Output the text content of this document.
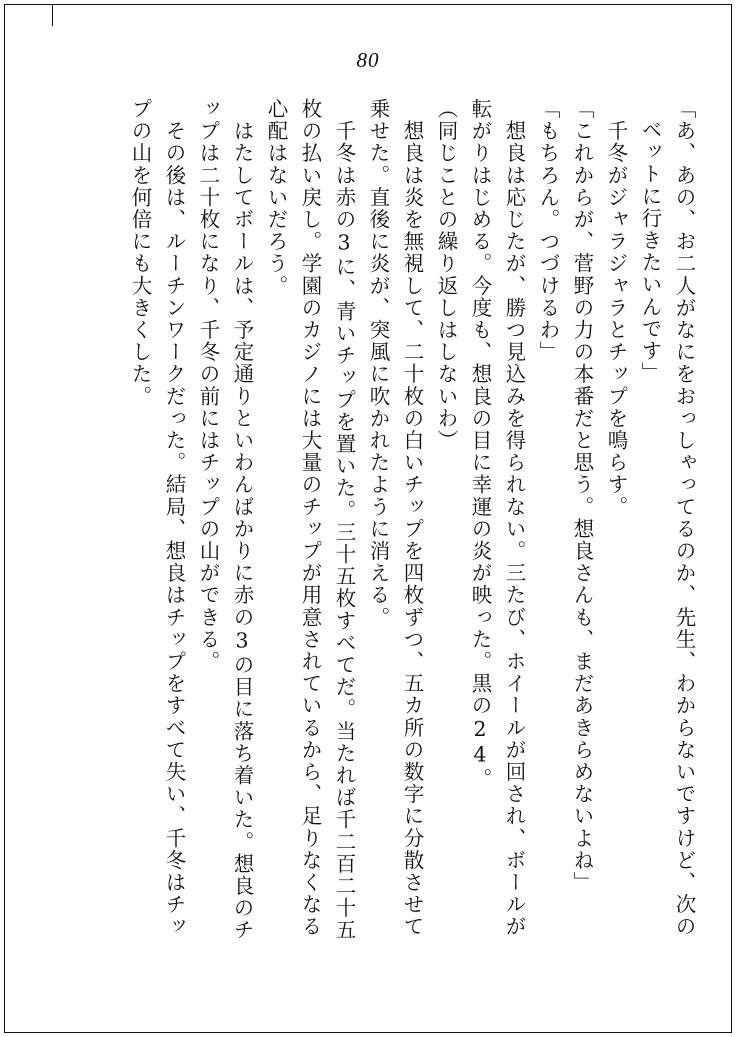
80
「あ、あの、お二人がなにをおっしゃってるのか、先生、わからないですけど、次の
ベットに行きたいんです」
　千冬がジャラジャラとチップを鳴らす。
「これからが、菅野の力の本番だと思う。想良さんも、まだあきらめないよね」
「もちろん。つづけるわ」
　想良は応じたが、勝つ見込みを得られない。三たび、ホイールが回され、ボールが
転がりはじめる。今度も、想良の目に幸運の炎が映った。黒の24。
（同じことの繰り返しはしないわ）
　想良は炎を無視して、二十枚の白いチップを四枚ずつ、五カ所の数字に分散させて
乗せた。直後に炎が、突風に吹かれたように消える。
　千冬は赤の3に、青いチップを置いた。三十五枚すべてだ。当たれば千二百二十五
枚の払い戻し。学園のカジノには大量のチップが用意されているから、足りなくなる
心配はないだろう。
　はたしてボールは、予定通りといわんばかりに赤の3の目に落ち着いた。想良のチ
ップは二十枚になり、千冬の前にはチップの山ができる。
　その後は、ルーチンワークだった。結局、想良はチップをすべて失い、千冬はチッ
プの山を何倍にも大きくした。
